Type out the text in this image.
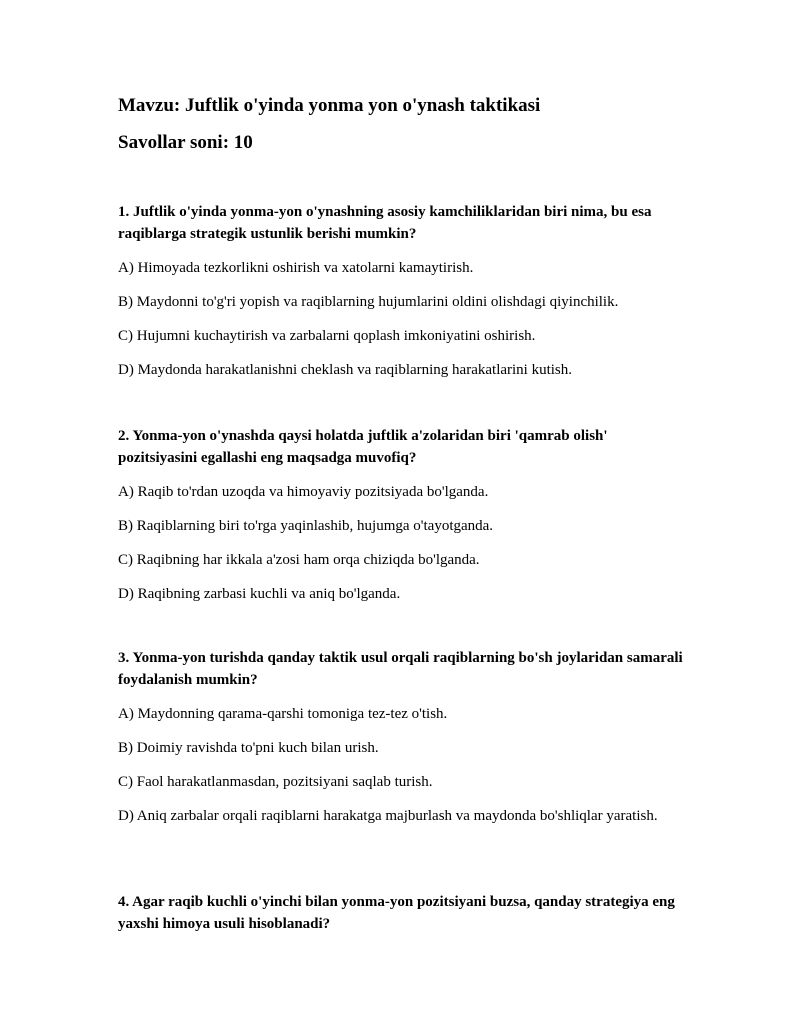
Mavzu: Juftlik o'yinda yonma yon o'ynash taktikasi
Savollar soni: 10

1. Juftlik o'yinda yonma-yon o'ynashning asosiy kamchiliklaridan biri nima, bu esa raqiblarga strategik ustunlik berishi mumkin?

A) Himoyada tezkorlikni oshirish va xatolarni kamaytirish.

B) Maydonni to'g'ri yopish va raqiblarning hujumlarini oldini olishdagi qiyinchilik.

C) Hujumni kuchaytirish va zarbalarni qoplash imkoniyatini oshirish.

D) Maydonda harakatlanishni cheklash va raqiblarning harakatlarini kutish.

2. Yonma-yon o'ynashda qaysi holatda juftlik a'zolaridan biri 'qamrab olish' pozitsiyasini egallashi eng maqsadga muvofiq?

A) Raqib to'rdan uzoqda va himoyaviy pozitsiyada bo'lganda.

B) Raqiblarning biri to'rga yaqinlashib, hujumga o'tayotganda.

C) Raqibning har ikkala a'zosi ham orqa chiziqda bo'lganda.

D) Raqibning zarbasi kuchli va aniq bo'lganda.

3. Yonma-yon turishda qanday taktik usul orqali raqiblarning bo'sh joylaridan samarali foydalanish mumkin?

A) Maydonning qarama-qarshi tomoniga tez-tez o'tish.

B) Doimiy ravishda to'pni kuch bilan urish.

C) Faol harakatlanmasdan, pozitsiyani saqlab turish.

D) Aniq zarbalar orqali raqiblarni harakatga majburlash va maydonda bo'shliqlar yaratish.

4. Agar raqib kuchli o'yinchi bilan yonma-yon pozitsiyani buzsa, qanday strategiya eng yaxshi himoya usuli hisoblanadi?
